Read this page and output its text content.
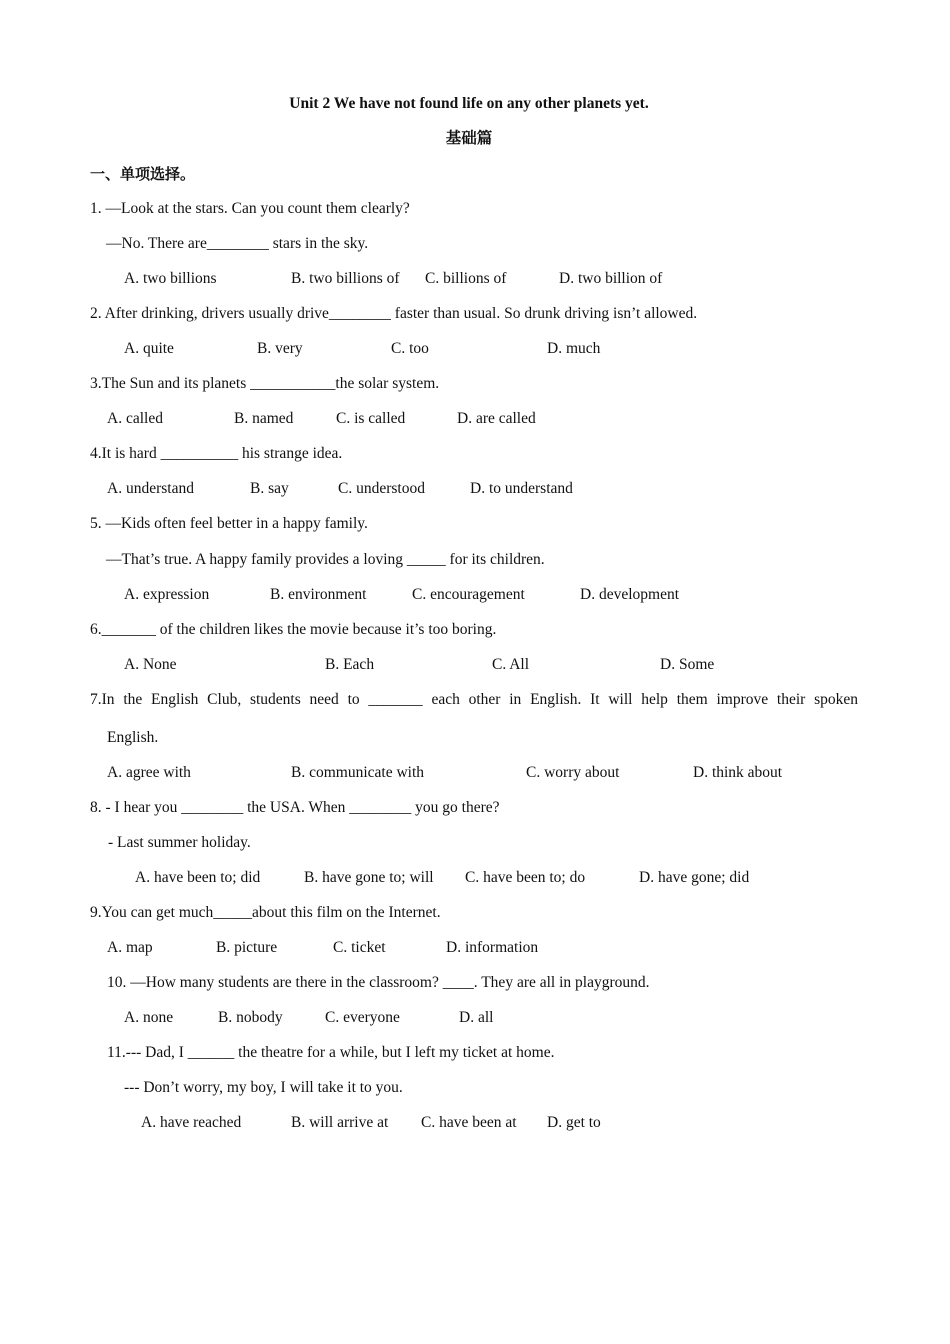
Unit 2 We have not found life on any other planets yet.
基础篇
一、单项选择。
1. —Look at the stars. Can you count them clearly?
—No. There are________ stars in the sky.
A. two billions	B. two billions of C. billions of	D. two billion of
2. After drinking, drivers usually drive________ faster than usual. So drunk driving isn’t allowed.
A. quite	B. very	C. too	D. much
3.The Sun and its planets ___________the solar system.
A. called	B. named	C. is called	D. are called
4.It is hard __________ his strange idea.
A. understand	B. say	C. understood	D. to understand
5. —Kids often feel better in a happy family.
—That’s true. A happy family provides a loving _____ for its children.
A. expression	B. environment	C. encouragement	D. development
6._______ of the children likes the movie because it’s too boring.
A. None	B. Each	C. All	D. Some
7.In the English Club, students need to _______ each other in English. It will help them improve their spoken
English.
A. agree with	B. communicate with	C. worry about	D. think about
8. - I hear you ________ the USA. When ________ you go there?
- Last summer holiday.
A. have been to; did	B. have gone to; will C. have been to; do	D. have gone; did
9.You can get much_____about this film on the Internet.
A. map	B. picture	C. ticket	D. information
10. —How many students are there in the classroom? ____. They are all in playground.
A. none	B. nobody	C. everyone	D. all
11.--- Dad, I ______ the theatre for a while, but I left my ticket at home.
--- Don’t worry, my boy, I will take it to you.
A. have reached	B. will arrive at C. have been at D. get to
